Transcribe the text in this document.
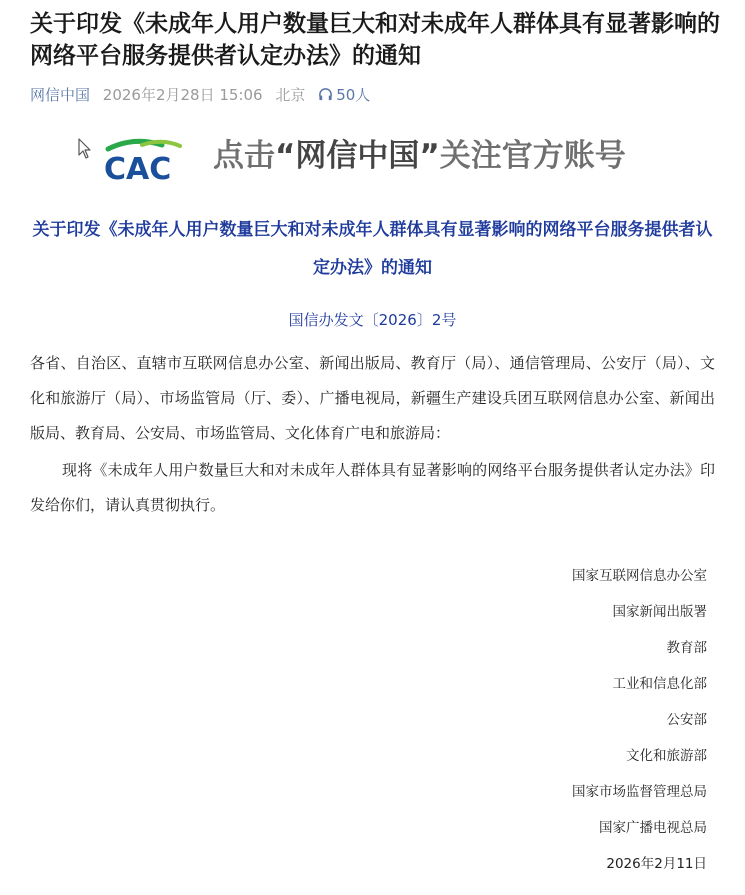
关于印发《未成年人用户数量巨大和对未成年人群体具有显著影响的网络平台服务提供者认定办法》的通知
网信中国 2026年2月28日 15:06 北京 50人
CAC 点击“网信中国”关注官方账号
关于印发《未成年人用户数量巨大和对未成年人群体具有显著影响的网络平台服务提供者认定办法》的通知
国信办发文〔2026〕2号

各省、自治区、直辖市互联网信息办公室、新闻出版局、教育厅（局）、通信管理局、公安厅（局）、文化和旅游厅（局）、市场监管局（厅、委）、广播电视局，新疆生产建设兵团互联网信息办公室、新闻出版局、教育局、公安局、市场监管局、文化体育广电和旅游局：

现将《未成年人用户数量巨大和对未成年人群体具有显著影响的网络平台服务提供者认定办法》印发给你们，请认真贯彻执行。

国家互联网信息办公室
国家新闻出版署
教育部
工业和信息化部
公安部
文化和旅游部
国家市场监督管理总局
国家广播电视总局
2026年2月11日
